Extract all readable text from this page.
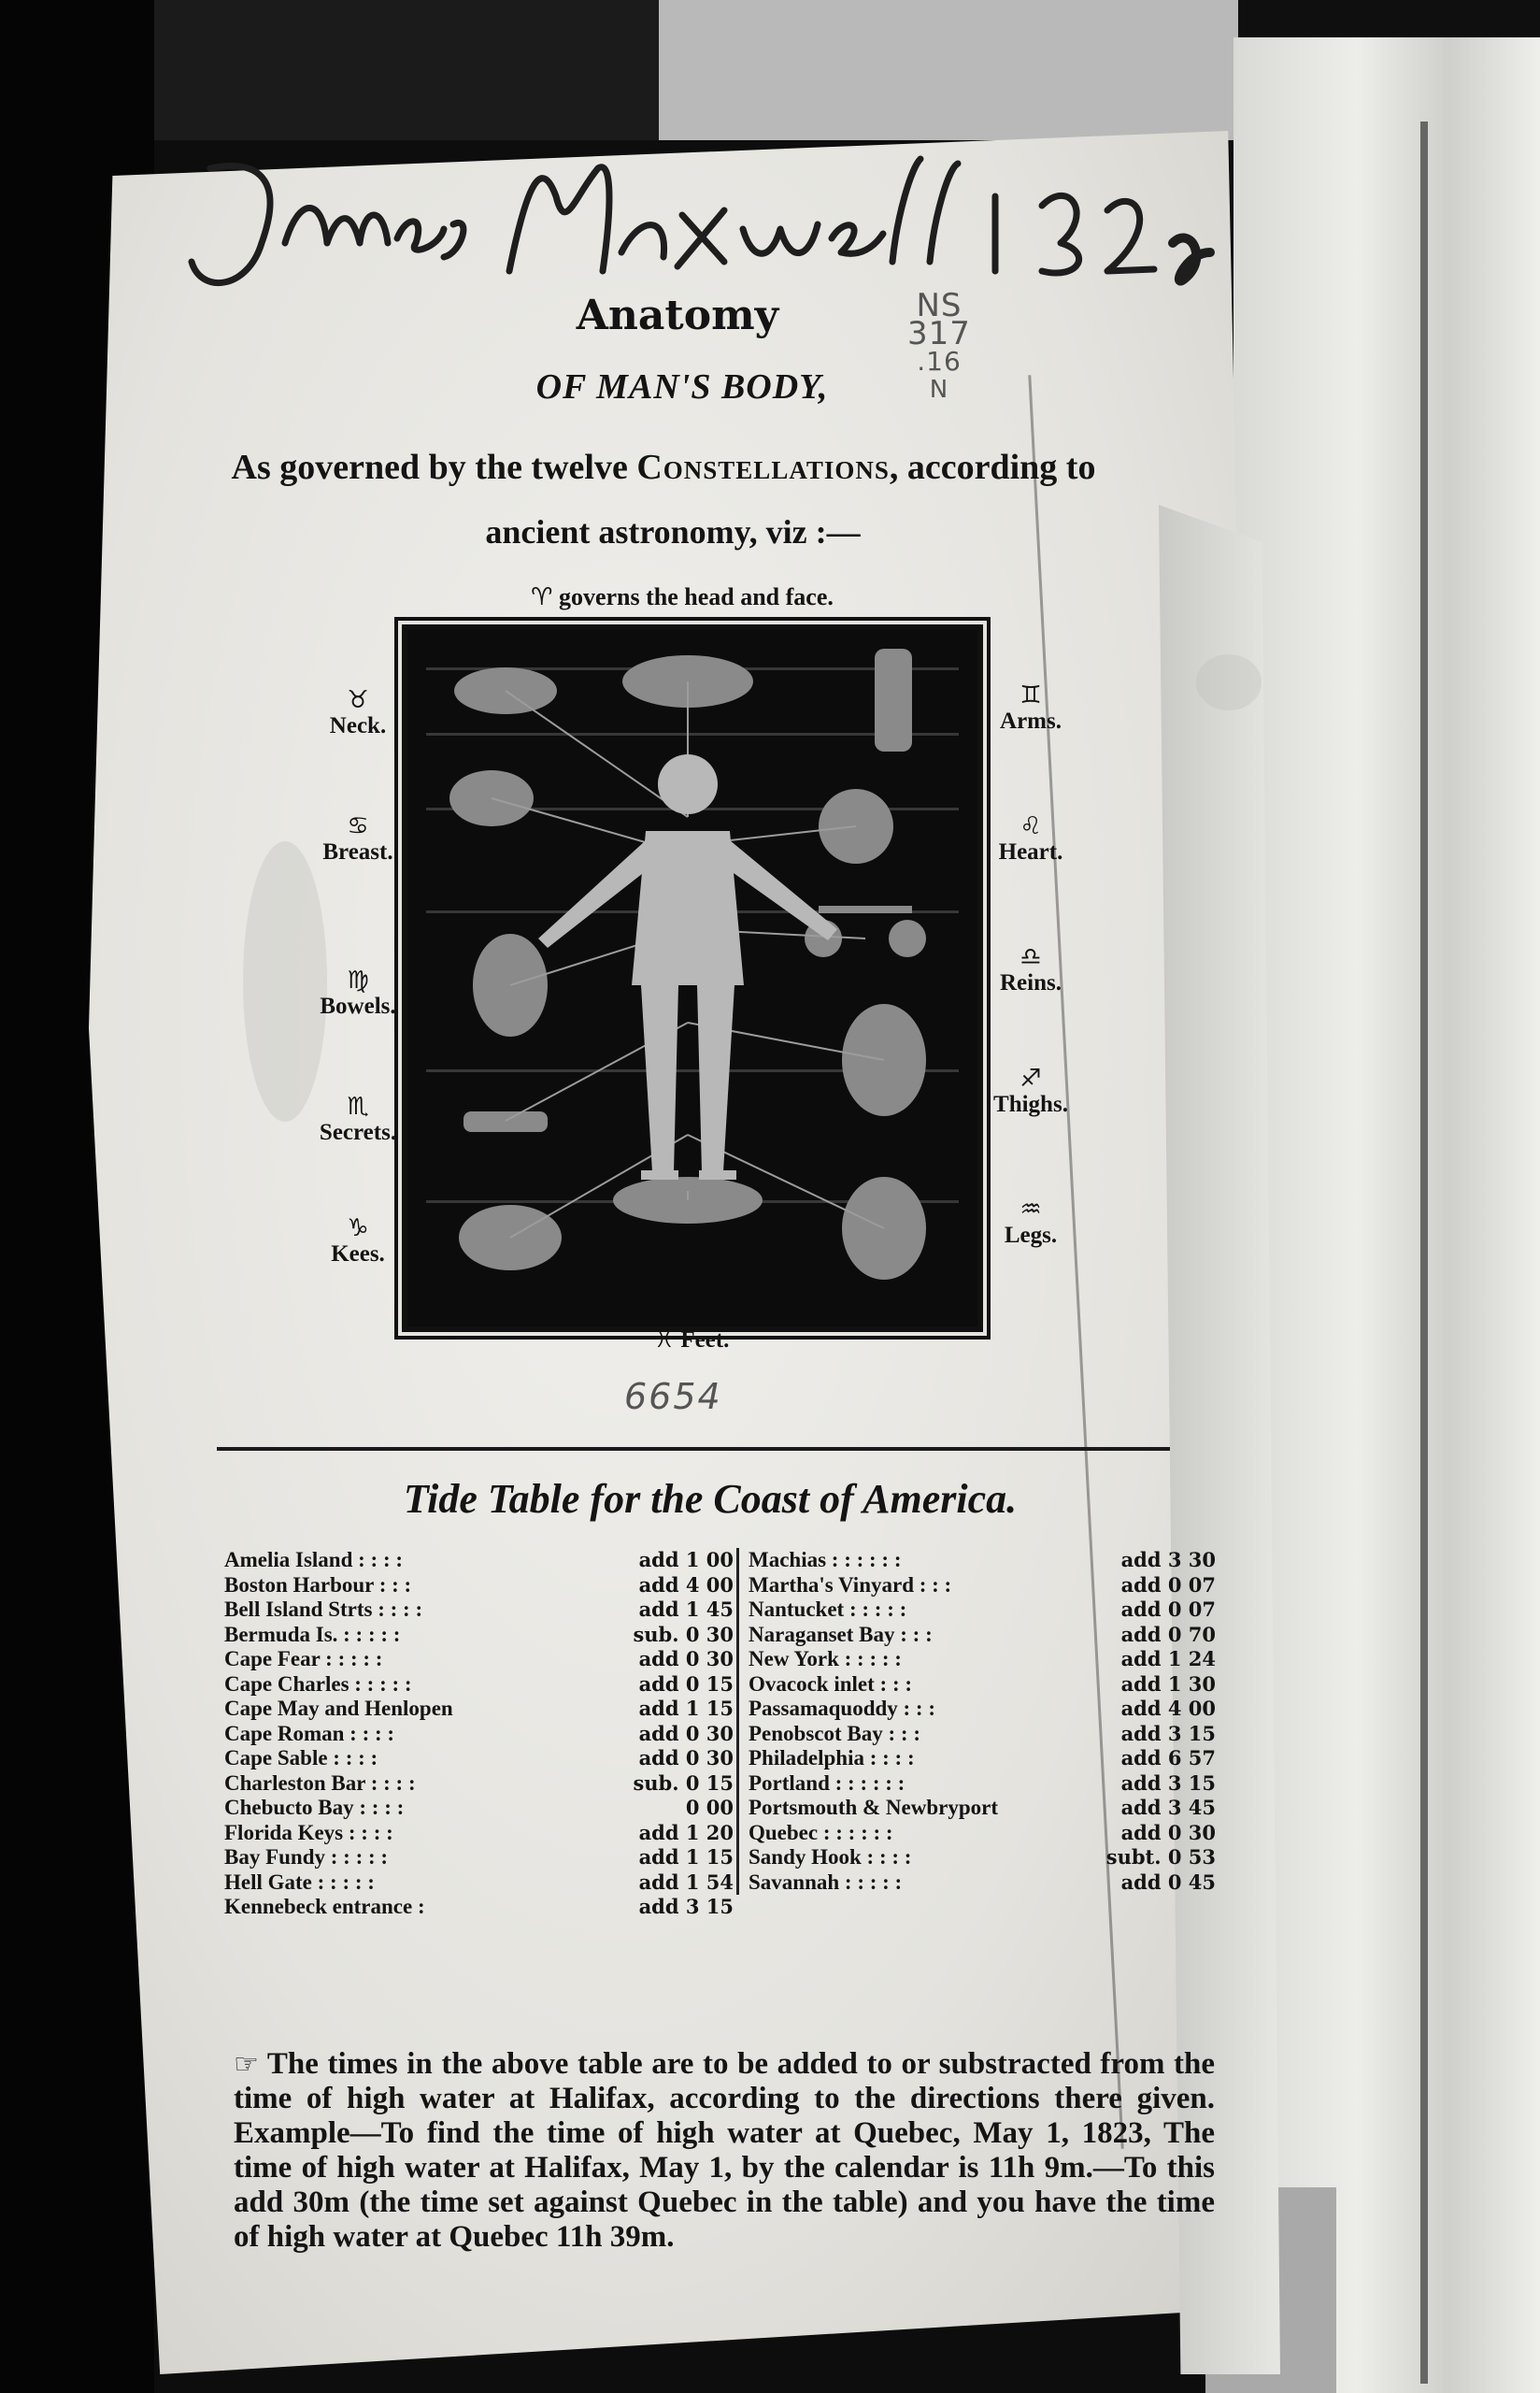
NS
317
.16
N
Anatomy
OF MAN'S BODY,
As governed by the twelve Constellations, according to
ancient astronomy, viz :—
♈ governs the head and face.
♉
Neck.
♋
Breast.
♍
Bowels.
♏
Secrets.
♑
Kees.
♊
Arms.
♌
Heart.
♎
Reins.
♐
Thighs.
♒
Legs.
♓ Feet.
6654
Tide Table for the Coast of America.
Amelia Island : : : :	add 1 00
Boston Harbour : : :	add 4 00
Bell Island Strts : : : :	add 1 45
Bermuda Is. : : : : :	sub. 0 30
Cape Fear : : : : :	add 0 30
Cape Charles : : : : :	add 0 15
Cape May and Henlopen	add 1 15
Cape Roman : : : :	add 0 30
Cape Sable : : : :	add 0 30
Charleston Bar : : : :	sub. 0 15
Chebucto Bay : : : :	0 00
Florida Keys : : : :	add 1 20
Bay Fundy : : : : :	add 1 15
Hell Gate : : : : :	add 1 54
Kennebeck entrance :	add 3 15
Machias : : : : : :	add 3 30
Martha's Vinyard : : :	add 0 07
Nantucket : : : : :	add 0 07
Naraganset Bay : : :	add 0 70
New York : : : : :	add 1 24
Ovacock inlet : : :	add 1 30
Passamaquoddy : : :	add 4 00
Penobscot Bay : : :	add 3 15
Philadelphia : : : :	add 6 57
Portland : : : : : :	add 3 15
Portsmouth & Newbryport	add 3 45
Quebec : : : : : :	add 0 30
Sandy Hook : : : :	subt. 0 53
Savannah : : : : :	add 0 45
☞ The times in the above table are to be added to or substracted from the time of high water at Halifax, according to the directions there given. Example—To find the time of high water at Quebec, May 1, 1823, The time of high water at Halifax, May 1, by the calendar is 11h 9m.—To this add 30m (the time set against Quebec in the table) and you have the time of high water at Quebec 11h 39m.
